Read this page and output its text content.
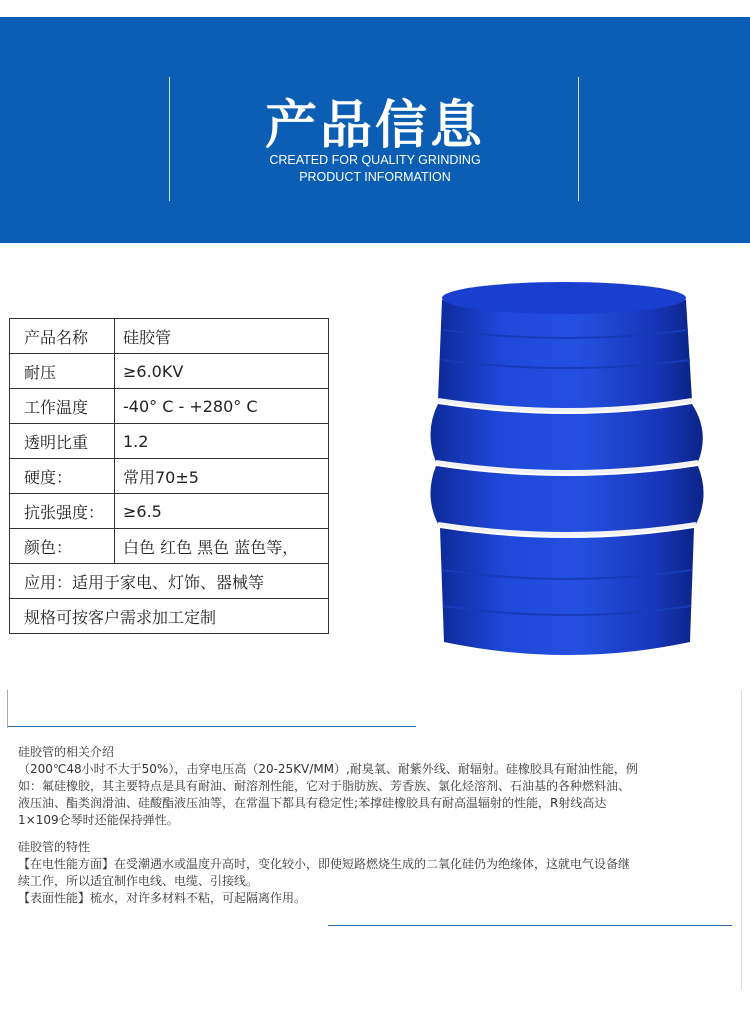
产品信息
CREATED FOR QUALITY GRINDING
PRODUCT INFORMATION
产品名称	硅胶管
耐压	≥6.0KV
工作温度	-40° C - +280° C
透明比重	1.2
硬度：	常用70±5
抗张强度：	≥6.5
颜色：	白色 红色 黑色 蓝色等，
应用：适用于家电、灯饰、器械等	
规格可按客户需求加工定制	

硅胶管的相关介绍

（200℃48小时不大于50%），击穿电压高（20-25KV/MM）,耐臭氧、耐紫外线、耐辐射。硅橡胶具有耐油性能，例

如：氟硅橡胶，其主要特点是具有耐油、耐溶剂性能，它对于脂肪族、芳香族、氯化烃溶剂、石油基的各种燃料油、

液压油、酯类润滑油、硅酸酯液压油等，在常温下都具有稳定性;苯撑硅橡胶具有耐高温辐射的性能，R射线高达

1×109仑琴时还能保持弹性。

硅胶管的特性

【在电性能方面】在受潮遇水或温度升高时，变化较小，即使短路燃烧生成的二氧化硅仍为绝缘体，这就电气设备继

续工作，所以适宜制作电线、电缆、引接线。

【表面性能】梳水，对许多材料不粘，可起隔离作用。
